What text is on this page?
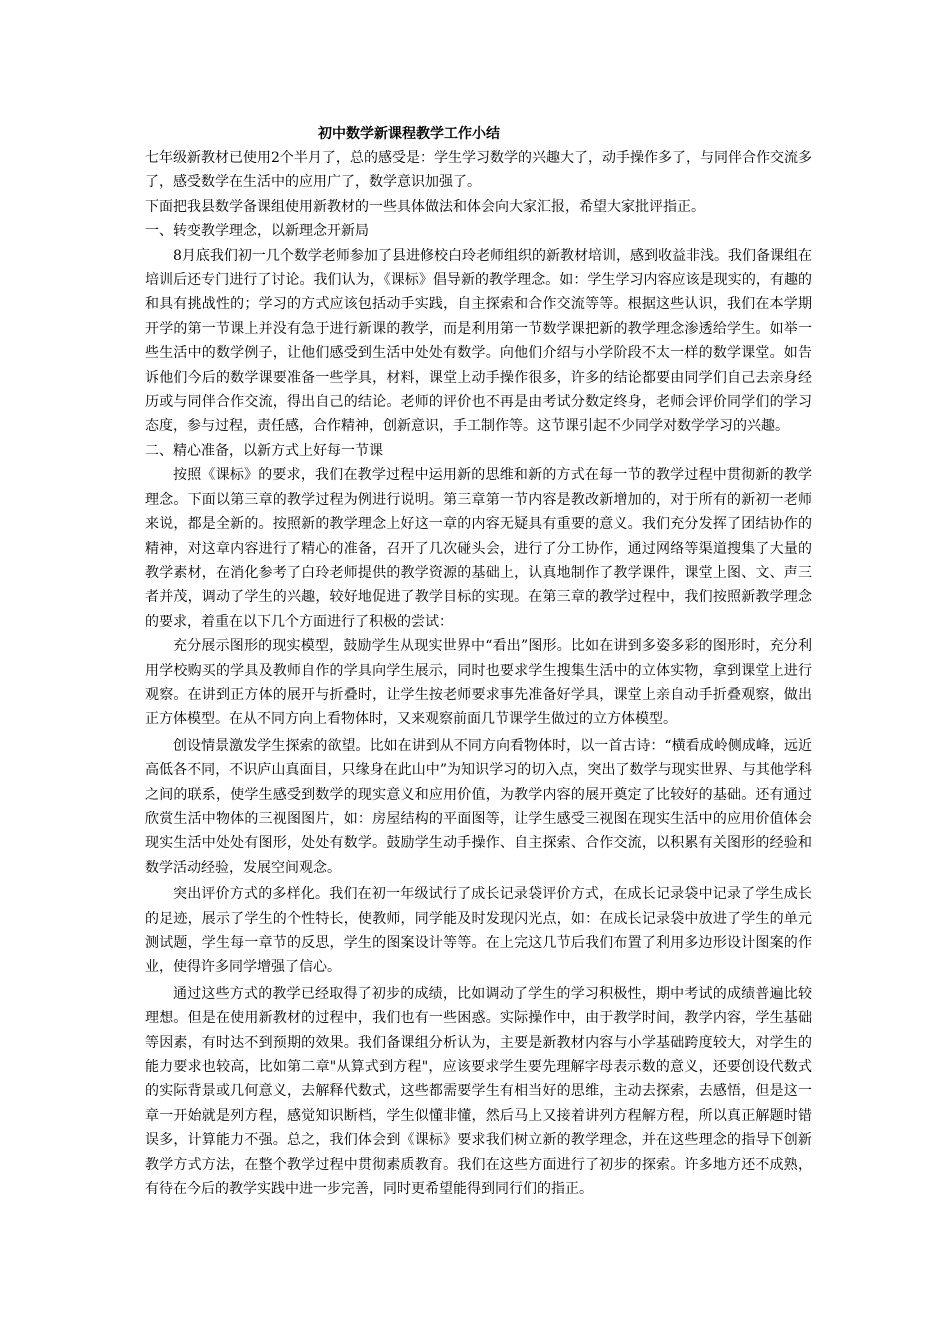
初中数学新课程教学工作小结

七年级新教材已使用2个半月了，总的感受是：学生学习数学的兴趣大了，动手操作多了，与同伴合作交流多了，感受数学在生活中的应用广了，数学意识加强了。

下面把我县数学备课组使用新教材的一些具体做法和体会向大家汇报，希望大家批评指正。

一、转变教学理念，以新理念开新局

8月底我们初一几个数学老师参加了县进修校白玲老师组织的新教材培训，感到收益非浅。我们备课组在培训后还专门进行了讨论。我们认为，《课标》倡导新的教学理念。如：学生学习内容应该是现实的，有趣的和具有挑战性的；学习的方式应该包括动手实践，自主探索和合作交流等等。根据这些认识，我们在本学期开学的第一节课上并没有急于进行新课的教学，而是利用第一节数学课把新的教学理念渗透给学生。如举一些生活中的数学例子，让他们感受到生活中处处有数学。向他们介绍与小学阶段不太一样的数学课堂。如告诉他们今后的数学课要准备一些学具，材料，课堂上动手操作很多，许多的结论都要由同学们自己去亲身经历或与同伴合作交流，得出自己的结论。老师的评价也不再是由考试分数定终身，老师会评价同学们的学习态度，参与过程，责任感，合作精神，创新意识，手工制作等。这节课引起不少同学对数学学习的兴趣。

二、精心准备，以新方式上好每一节课

按照《课标》的要求，我们在教学过程中运用新的思维和新的方式在每一节的教学过程中贯彻新的教学理念。下面以第三章的教学过程为例进行说明。第三章第一节内容是教改新增加的，对于所有的新初一老师来说，都是全新的。按照新的教学理念上好这一章的内容无疑具有重要的意义。我们充分发挥了团结协作的精神，对这章内容进行了精心的准备，召开了几次碰头会，进行了分工协作，通过网络等渠道搜集了大量的教学素材，在消化参考了白玲老师提供的教学资源的基础上，认真地制作了教学课件，课堂上图、文、声三者并茂，调动了学生的兴趣，较好地促进了教学目标的实现。在第三章的教学过程中，我们按照新教学理念的要求，着重在以下几个方面进行了积极的尝试：

充分展示图形的现实模型，鼓励学生从现实世界中“看出”图形。比如在讲到多姿多彩的图形时，充分利用学校购买的学具及教师自作的学具向学生展示，同时也要求学生搜集生活中的立体实物，拿到课堂上进行观察。在讲到正方体的展开与折叠时，让学生按老师要求事先准备好学具，课堂上亲自动手折叠观察，做出正方体模型。在从不同方向上看物体时，又来观察前面几节课学生做过的立方体模型。

创设情景激发学生探索的欲望。比如在讲到从不同方向看物体时，以一首古诗：“横看成岭侧成峰，远近高低各不同，不识庐山真面目，只缘身在此山中”为知识学习的切入点，突出了数学与现实世界、与其他学科之间的联系，使学生感受到数学的现实意义和应用价值，为教学内容的展开奠定了比较好的基础。还有通过欣赏生活中物体的三视图图片，如：房屋结构的平面图等，让学生感受三视图在现实生活中的应用价值体会现实生活中处处有图形，处处有数学。鼓励学生动手操作、自主探索、合作交流，以积累有关图形的经验和数学活动经验，发展空间观念。

突出评价方式的多样化。我们在初一年级试行了成长记录袋评价方式，在成长记录袋中记录了学生成长的足迹，展示了学生的个性特长，使教师，同学能及时发现闪光点，如：在成长记录袋中放进了学生的单元测试题，学生每一章节的反思，学生的图案设计等等。在上完这几节后我们布置了利用多边形设计图案的作业，使得许多同学增强了信心。

通过这些方式的教学已经取得了初步的成绩，比如调动了学生的学习积极性，期中考试的成绩普遍比较理想。但是在使用新教材的过程中，我们也有一些困惑。实际操作中，由于教学时间，教学内容，学生基础等因素，有时达不到预期的效果。我们备课组分析认为，主要是新教材内容与小学基础跨度较大，对学生的能力要求也较高，比如第二章"从算式到方程"，应该要求学生要先理解字母表示数的意义，还要创设代数式的实际背景或几何意义，去解释代数式，这些都需要学生有相当好的思维，主动去探索，去感悟，但是这一章一开始就是列方程，感觉知识断档，学生似懂非懂，然后马上又接着讲列方程解方程，所以真正解题时错误多，计算能力不强。总之，我们体会到《课标》要求我们树立新的教学理念，并在这些理念的指导下创新教学方式方法，在整个教学过程中贯彻素质教育。我们在这些方面进行了初步的探索。许多地方还不成熟，有待在今后的教学实践中进一步完善，同时更希望能得到同行们的指正。
